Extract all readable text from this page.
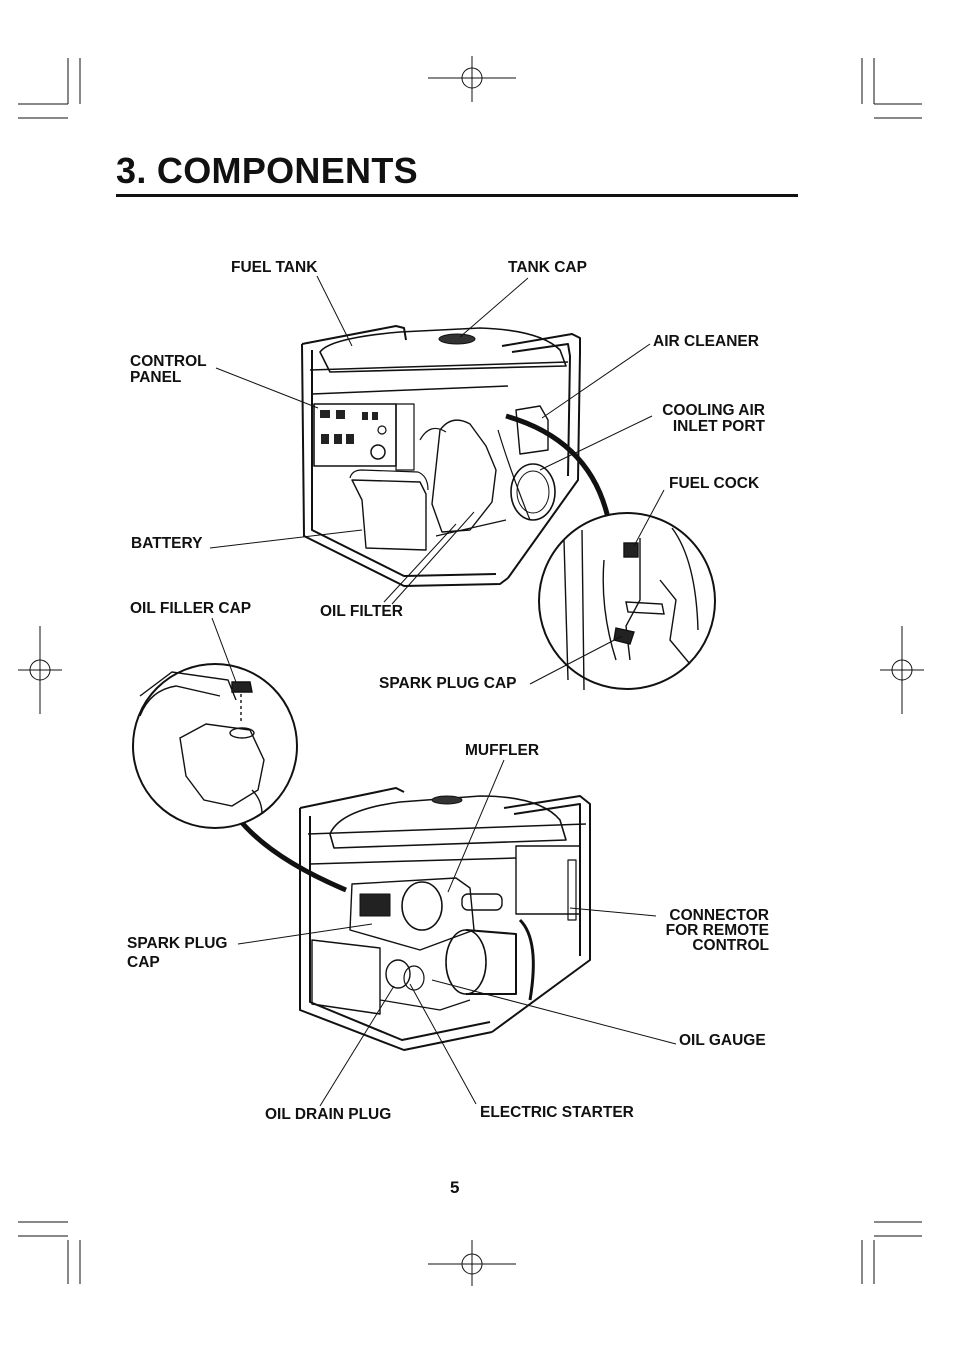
3. COMPONENTS
FUEL TANK	TANK CAP
CONTROL
PANEL
AIR CLEANER
COOLING AIR
INLET PORT
FUEL COCK
BATTERY
OIL FILLER CAP	OIL FILTER
SPARK PLUG CAP
MUFFLER
SPARK PLUG
CAP
CONNECTOR
FOR REMOTE
CONTROL
OIL GAUGE
OIL DRAIN PLUG	ELECTRIC STARTER
5
